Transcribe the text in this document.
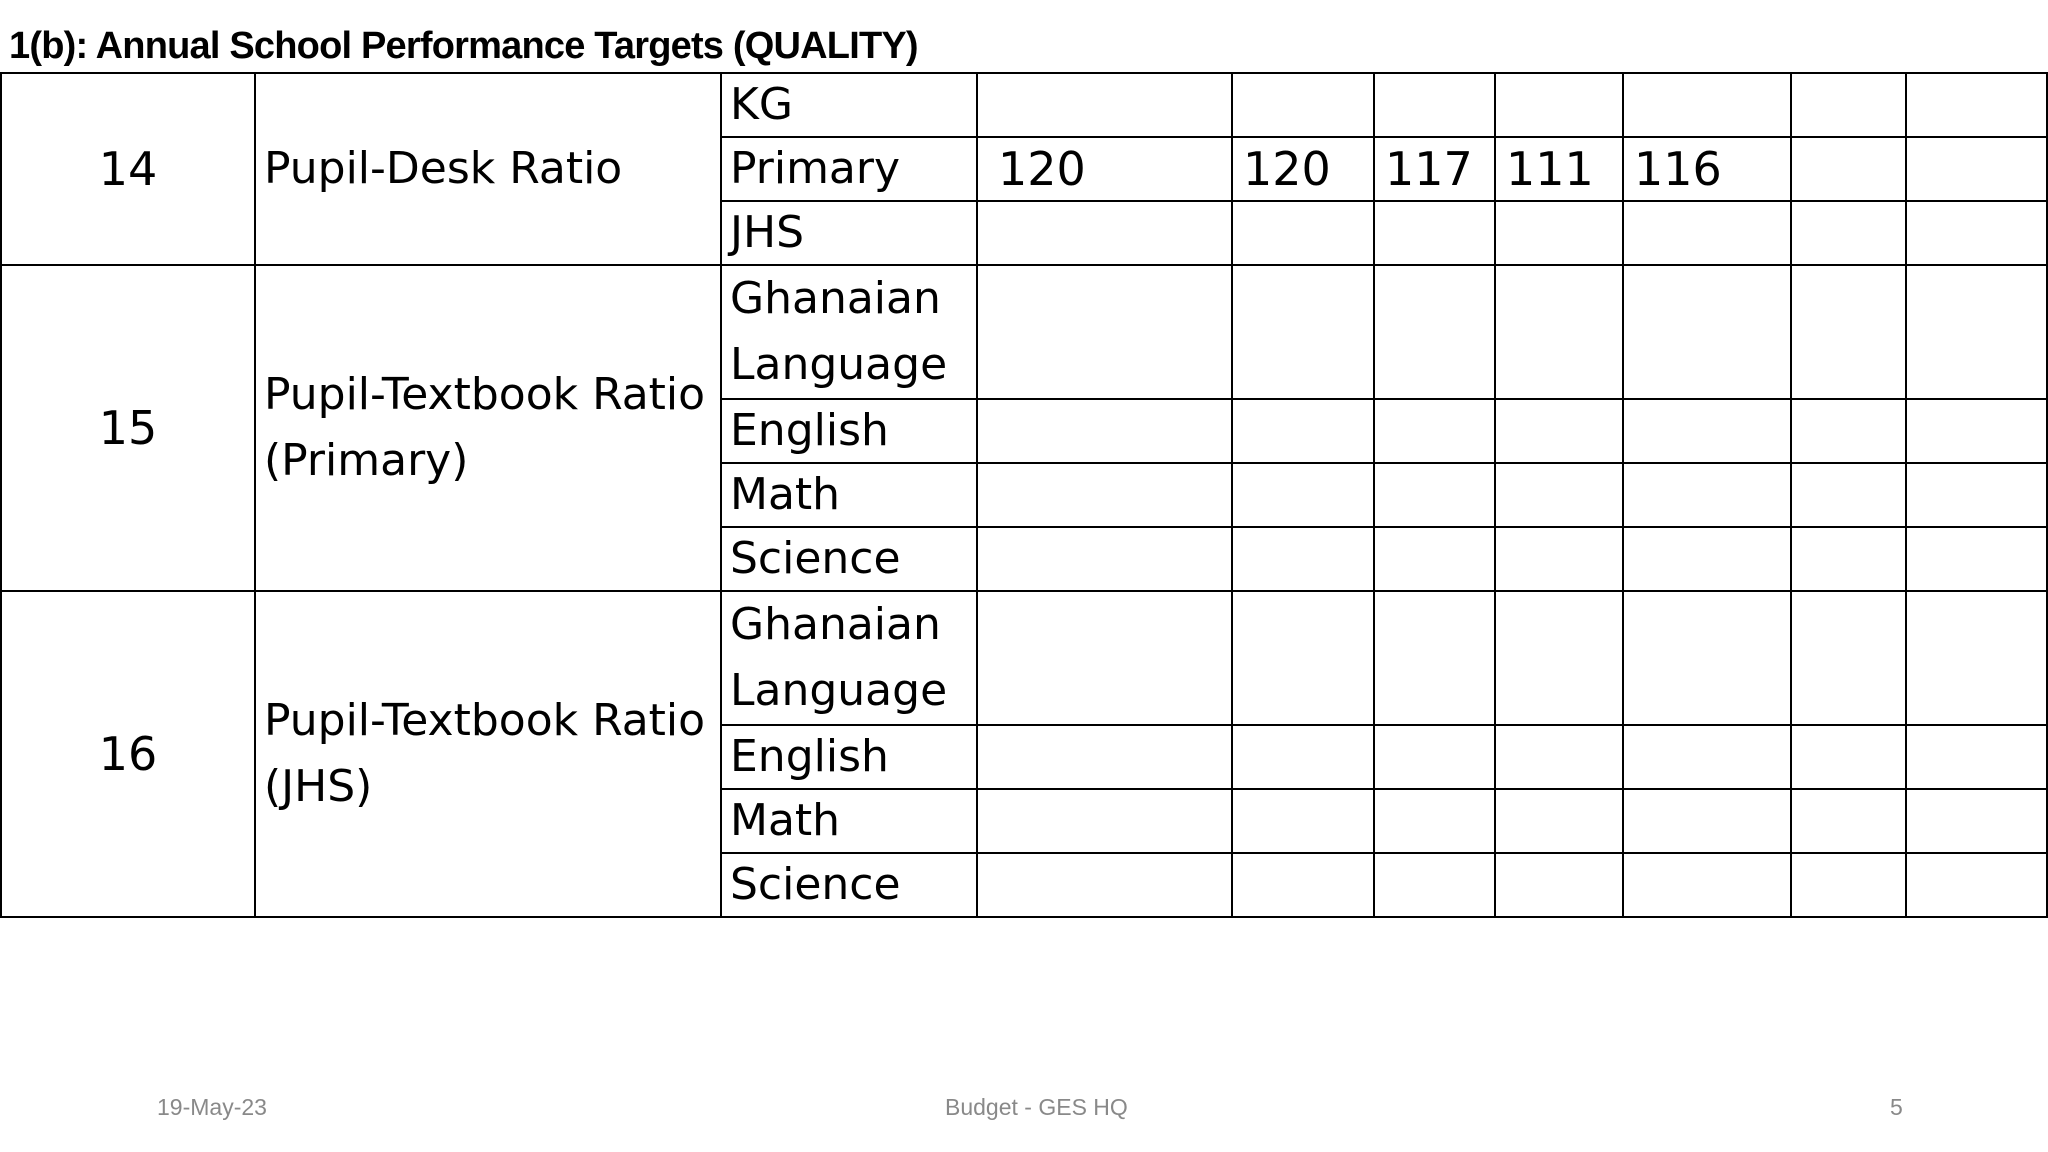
1(b): Annual School Performance Targets (QUALITY)
14	Pupil-Desk Ratio	KG							
		Primary	120	120	117	111	116		
		JHS							
15	Pupil-Textbook Ratio (Primary)	Ghanaian Language							
		English							
		Math							
		Science							
16	Pupil-Textbook Ratio (JHS)	Ghanaian Language							
		English							
		Math							
		Science							
19-May-23	Budget - GES HQ	5
